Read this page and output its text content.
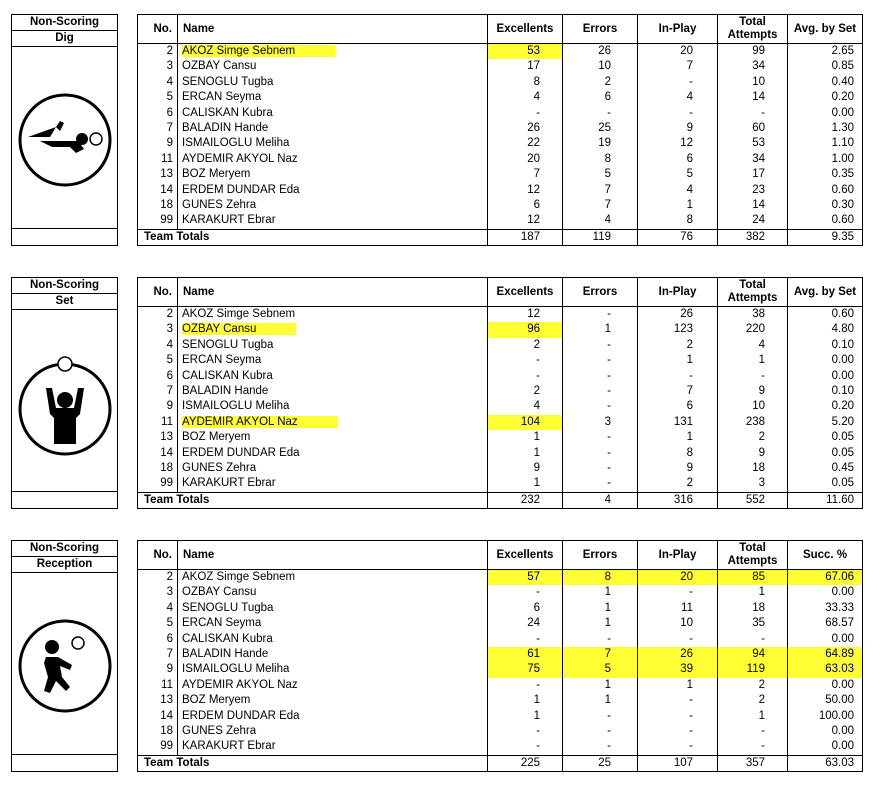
Non-Scoring
Dig
No.	Name	Excellents	Errors	In-Play	Total Attempts	Avg. by Set
2	AKOZ Simge Sebnem	53	26	20	99	2.65
3	OZBAY Cansu	17	10	7	34	0.85
4	SENOGLU Tugba	8	2	-	10	0.40
5	ERCAN Seyma	4	6	4	14	0.20
6	CALISKAN Kubra	-	-	-	-	0.00
7	BALADIN Hande	26	25	9	60	1.30
9	ISMAILOGLU Meliha	22	19	12	53	1.10
11	AYDEMIR AKYOL Naz	20	8	6	34	1.00
13	BOZ Meryem	7	5	5	17	0.35
14	ERDEM DUNDAR Eda	12	7	4	23	0.60
18	GUNES Zehra	6	7	1	14	0.30
99	KARAKURT Ebrar	12	4	8	24	0.60
Team Totals		187	119	76	382	9.35
Non-Scoring
Set
No.	Name	Excellents	Errors	In-Play	Total Attempts	Avg. by Set
2	AKOZ Simge Sebnem	12	-	26	38	0.60
3	OZBAY Cansu	96	1	123	220	4.80
4	SENOGLU Tugba	2	-	2	4	0.10
5	ERCAN Seyma	-	-	1	1	0.00
6	CALISKAN Kubra	-	-	-	-	0.00
7	BALADIN Hande	2	-	7	9	0.10
9	ISMAILOGLU Meliha	4	-	6	10	0.20
11	AYDEMIR AKYOL Naz	104	3	131	238	5.20
13	BOZ Meryem	1	-	1	2	0.05
14	ERDEM DUNDAR Eda	1	-	8	9	0.05
18	GUNES Zehra	9	-	9	18	0.45
99	KARAKURT Ebrar	1	-	2	3	0.05
Team Totals		232	4	316	552	11.60
Non-Scoring
Reception
No.	Name	Excellents	Errors	In-Play	Total Attempts	Succ. %
2	AKOZ Simge Sebnem	57	8	20	85	67.06
3	OZBAY Cansu	-	1	-	1	0.00
4	SENOGLU Tugba	6	1	11	18	33.33
5	ERCAN Seyma	24	1	10	35	68.57
6	CALISKAN Kubra	-	-	-	-	0.00
7	BALADIN Hande	61	7	26	94	64.89
9	ISMAILOGLU Meliha	75	5	39	119	63.03
11	AYDEMIR AKYOL Naz	-	1	1	2	0.00
13	BOZ Meryem	1	1	-	2	50.00
14	ERDEM DUNDAR Eda	1	-	-	1	100.00
18	GUNES Zehra	-	-	-	-	0.00
99	KARAKURT Ebrar	-	-	-	-	0.00
Team Totals		225	25	107	357	63.03
